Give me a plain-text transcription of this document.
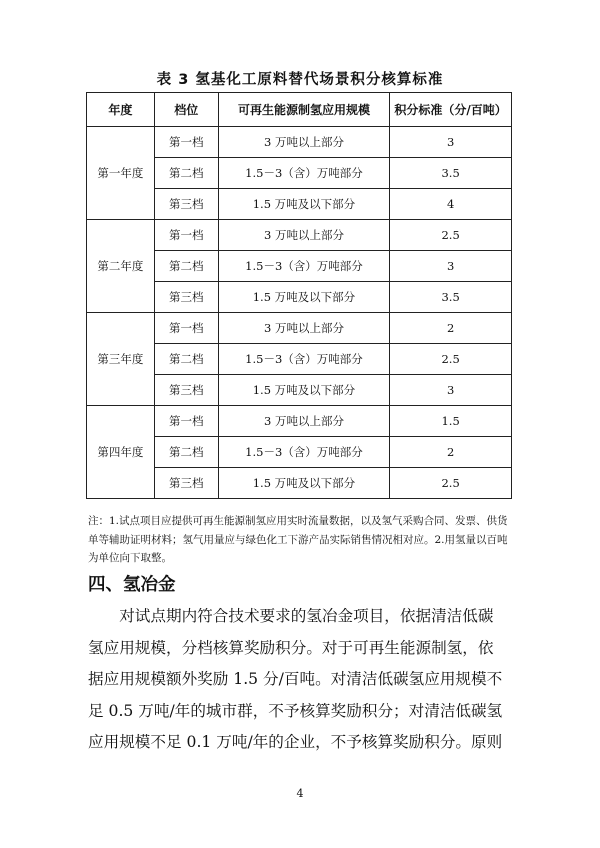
表 3 氢基化工原料替代场景积分核算标准
年度	档位	可再生能源制氢应用规模	积分标准（分/百吨）
第一年度	第一档	3 万吨以上部分	3
	第二档	1.5－3（含）万吨部分	3.5
	第三档	1.5 万吨及以下部分	4
第二年度	第一档	3 万吨以上部分	2.5
	第二档	1.5－3（含）万吨部分	3
	第三档	1.5 万吨及以下部分	3.5
第三年度	第一档	3 万吨以上部分	2
	第二档	1.5－3（含）万吨部分	2.5
	第三档	1.5 万吨及以下部分	3
第四年度	第一档	3 万吨以上部分	1.5
	第二档	1.5－3（含）万吨部分	2
	第三档	1.5 万吨及以下部分	2.5
注：1.试点项目应提供可再生能源制氢应用实时流量数据，以及氢气采购合同、发票、供货
单等辅助证明材料；氢气用量应与绿色化工下游产品实际销售情况相对应。2.用氢量以百吨
为单位向下取整。
四、氢冶金

　　对试点期内符合技术要求的氢冶金项目，依据清洁低碳
氢应用规模，分档核算奖励积分。对于可再生能源制氢，依
据应用规模额外奖励 1.5 分/百吨。对清洁低碳氢应用规模不
足 0.5 万吨/年的城市群，不予核算奖励积分；对清洁低碳氢
应用规模不足 0.1 万吨/年的企业，不予核算奖励积分。原则

4
